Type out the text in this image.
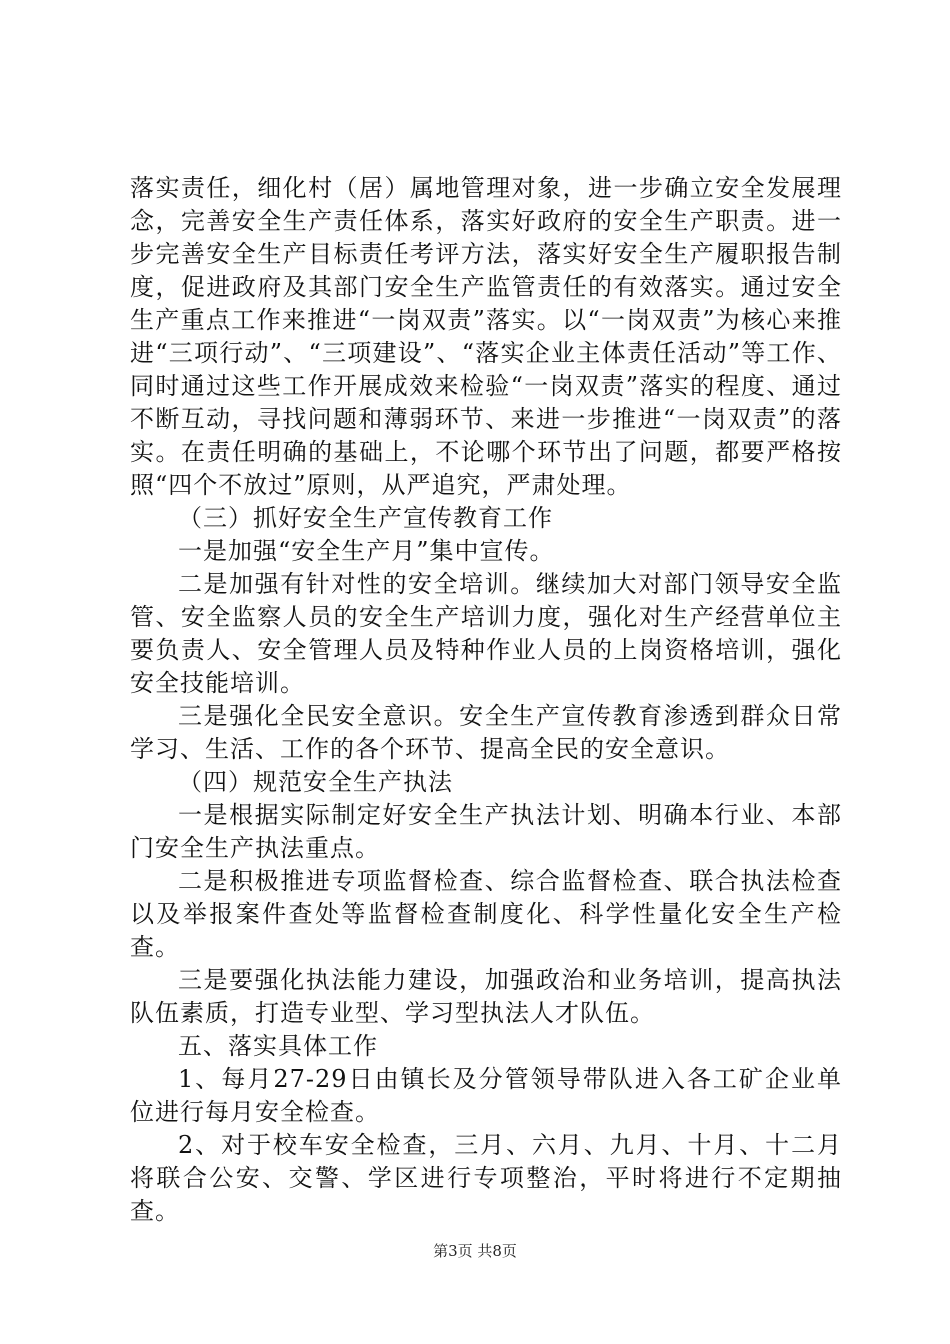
落实责任，细化村（居）属地管理对象，进一步确立安全发展理念，完善安全生产责任体系，落实好政府的安全生产职责。进一步完善安全生产目标责任考评方法，落实好安全生产履职报告制度，促进政府及其部门安全生产监管责任的有效落实。通过安全生产重点工作来推进“一岗双责”落实。以“一岗双责”为核心来推进“三项行动”、“三项建设”、“落实企业主体责任活动”等工作、同时通过这些工作开展成效来检验“一岗双责”落实的程度、通过不断互动，寻找问题和薄弱环节、来进一步推进“一岗双责”的落实。在责任明确的基础上，不论哪个环节出了问题，都要严格按照“四个不放过”原则，从严追究，严肃处理。

（三）抓好安全生产宣传教育工作

一是加强“安全生产月”集中宣传。

二是加强有针对性的安全培训。继续加大对部门领导安全监管、安全监察人员的安全生产培训力度，强化对生产经营单位主要负责人、安全管理人员及特种作业人员的上岗资格培训，强化安全技能培训。

三是强化全民安全意识。安全生产宣传教育渗透到群众日常学习、生活、工作的各个环节、提高全民的安全意识。

（四）规范安全生产执法

一是根据实际制定好安全生产执法计划、明确本行业、本部门安全生产执法重点。

二是积极推进专项监督检查、综合监督检查、联合执法检查以及举报案件查处等监督检查制度化、科学性量化安全生产检查。

三是要强化执法能力建设，加强政治和业务培训，提高执法队伍素质，打造专业型、学习型执法人才队伍。

五、落实具体工作

1、每月27-29日由镇长及分管领导带队进入各工矿企业单位进行每月安全检查。

2、对于校车安全检查，三月、六月、九月、十月、十二月将联合公安、交警、学区进行专项整治，平时将进行不定期抽查。

第3页 共8页
